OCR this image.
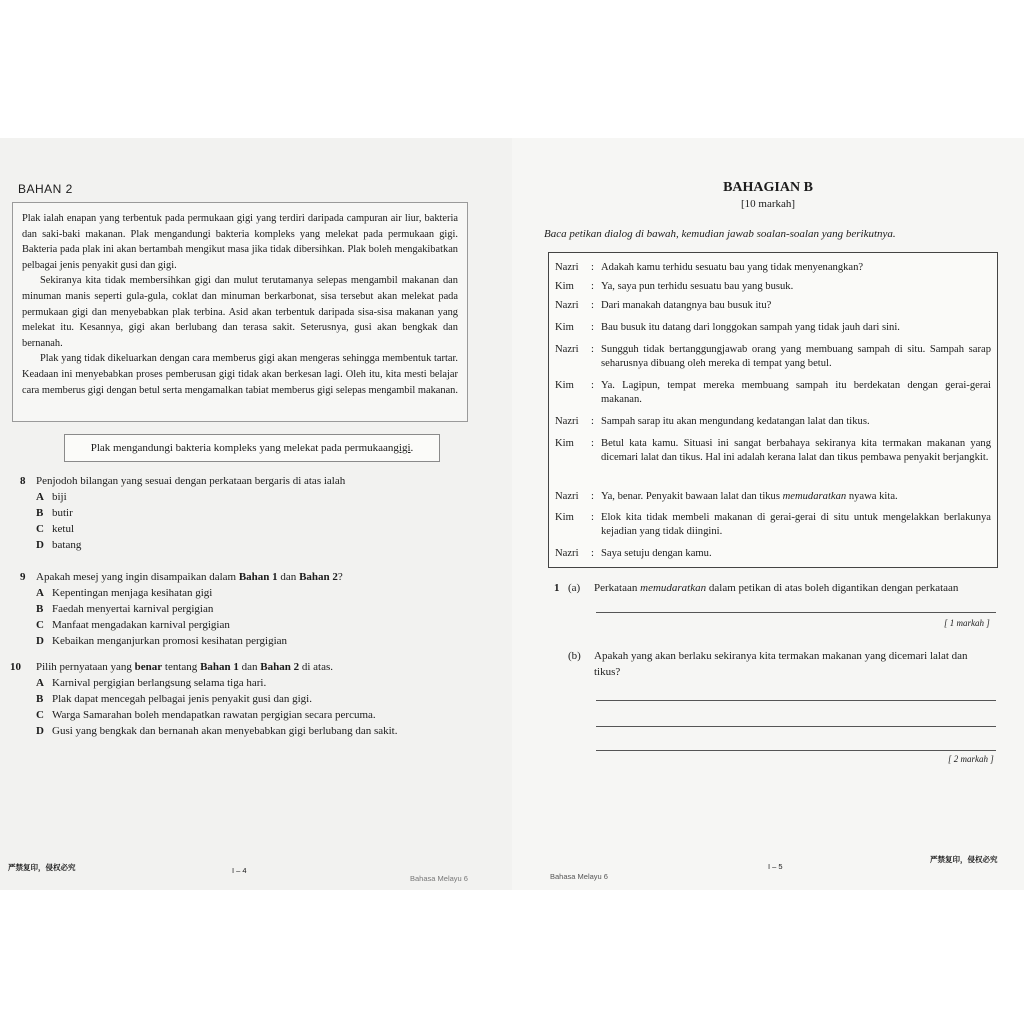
BAHAN 2

Plak ialah enapan yang terbentuk pada permukaan gigi yang terdiri daripada campuran air liur, bakteria dan saki-baki makanan. Plak mengandungi bakteria kompleks yang melekat pada permukaan gigi. Bakteria pada plak ini akan bertambah mengikut masa jika tidak dibersihkan. Plak boleh mengakibatkan pelbagai jenis penyakit gusi dan gigi.

Sekiranya kita tidak membersihkan gigi dan mulut terutamanya selepas mengambil makanan dan minuman manis seperti gula-gula, coklat dan minuman berkarbonat, sisa tersebut akan melekat pada permukaan gigi dan menyebabkan plak terbina. Asid akan terbentuk daripada sisa-sisa makanan yang melekat itu. Kesannya, gigi akan berlubang dan terasa sakit. Seterusnya, gusi akan bengkak dan bernanah.

Plak yang tidak dikeluarkan dengan cara memberus gigi akan mengeras sehingga membentuk tartar. Keadaan ini menyebabkan proses pemberusan gigi tidak akan berkesan lagi. Oleh itu, kita mesti belajar cara memberus gigi dengan betul serta mengamalkan tabiat memberus gigi selepas mengambil makanan.

Plak mengandungi bakteria kompleks yang melekat pada permukaan gigi .
8 Penjodoh bilangan yang sesuai dengan perkataan bergaris di atas ialah
A biji
B butir
C ketul
D batang
9 Apakah mesej yang ingin disampaikan dalam Bahan 1 dan Bahan 2?
A Kepentingan menjaga kesihatan gigi
B Faedah menyertai karnival pergigian
C Manfaat mengadakan karnival pergigian
D Kebaikan menganjurkan promosi kesihatan pergigian
10 Pilih pernyataan yang benar tentang Bahan 1 dan Bahan 2 di atas.
A Karnival pergigian berlangsung selama tiga hari.
B Plak dapat mencegah pelbagai jenis penyakit gusi dan gigi.
C Warga Samarahan boleh mendapatkan rawatan pergigian secara percuma.
D Gusi yang bengkak dan bernanah akan menyebabkan gigi berlubang dan sakit.
严禁复印，侵权必究	I – 4
Bahasa Melayu 6
BAHAGIAN B
[10 markah]
Baca petikan dialog di bawah, kemudian jawab soalan-soalan yang berikutnya.
Nazri	: Adakah kamu terhidu sesuatu bau yang tidak menyenangkan?
Kim	: Ya, saya pun terhidu sesuatu bau yang busuk.
Nazri	: Dari manakah datangnya bau busuk itu?
Kim	: Bau busuk itu datang dari longgokan sampah yang tidak jauh dari sini.
Nazri	: Sungguh tidak bertanggungjawab orang yang membuang sampah di situ. Sampah sarap seharusnya dibuang oleh mereka di tempat yang betul.
Kim	: Ya. Lagipun, tempat mereka membuang sampah itu berdekatan dengan gerai-gerai makanan.
Nazri	: Sampah sarap itu akan mengundang kedatangan lalat dan tikus.
Kim	: Betul kata kamu. Situasi ini sangat berbahaya sekiranya kita termakan makanan yang dicemari lalat dan tikus. Hal ini adalah kerana lalat dan tikus pembawa penyakit berjangkit.
Nazri	: Ya, benar. Penyakit bawaan lalat dan tikus memudaratkan nyawa kita.
Kim	: Elok kita tidak membeli makanan di gerai-gerai di situ untuk mengelakkan berlakunya kejadian yang tidak diingini.
Nazri	: Saya setuju dengan kamu.
1 (a) Perkataan memudaratkan dalam petikan di atas boleh digantikan dengan perkataan
[ 1 markah ]
(b) Apakah yang akan berlaku sekiranya kita termakan makanan yang dicemari lalat dan
tikus?
[ 2 markah ]
Bahasa Melayu 6
I – 5
严禁复印，侵权必究
